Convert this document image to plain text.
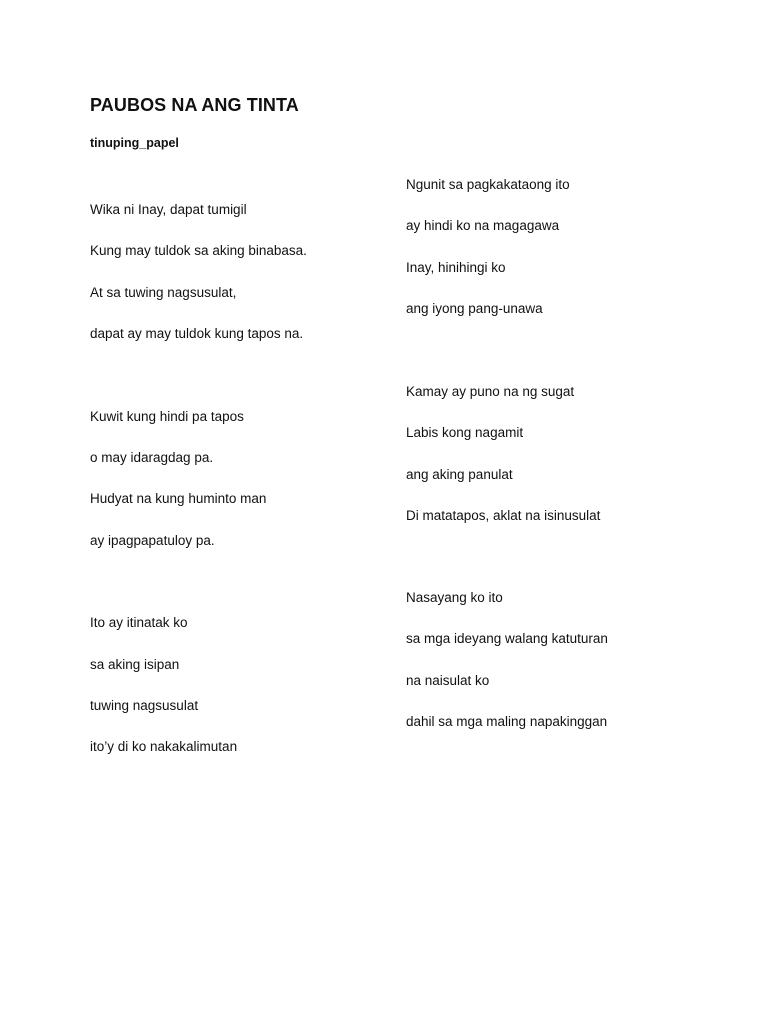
PAUBOS NA ANG TINTA
tinuping_papel
Wika ni Inay, dapat tumigil
Kung may tuldok sa aking binabasa.
At sa tuwing nagsusulat,
dapat ay may tuldok kung tapos na.
Kuwit kung hindi pa tapos
o may idaragdag pa.
Hudyat na kung huminto man
ay ipagpapatuloy pa.
Ito ay itinatak ko
sa aking isipan
tuwing nagsusulat
ito’y di ko nakakalimutan
Ngunit sa pagkakataong ito
ay hindi ko na magagawa
Inay, hinihingi ko
ang iyong pang-unawa
Kamay ay puno na ng sugat
Labis kong nagamit
ang aking panulat
Di matatapos, aklat na isinusulat
Nasayang ko ito
sa mga ideyang walang katuturan
na naisulat ko
dahil sa mga maling napakinggan
